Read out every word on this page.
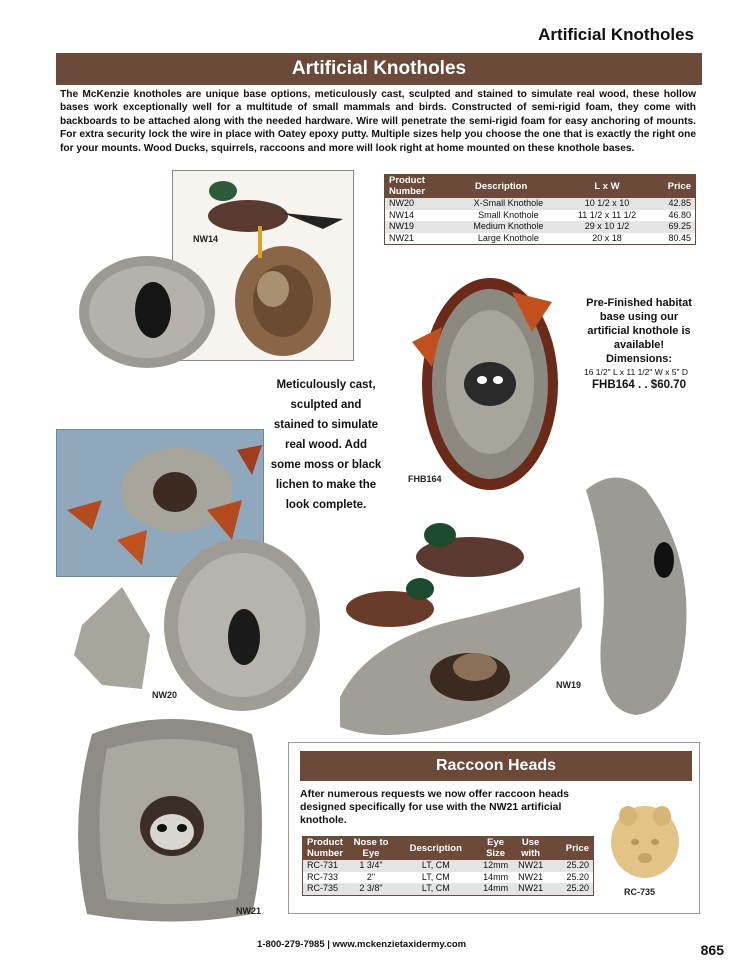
Artificial Knotholes
Artificial Knotholes
The McKenzie knotholes are unique base options, meticulously cast, sculpted and stained to simulate real wood, these hollow bases work exceptionally well for a multitude of small mammals and birds. Constructed of semi-rigid foam, they come with backboards to be attached along with the needed hardware. Wire will penetrate the semi-rigid foam for easy anchoring of mounts. For extra security lock the wire in place with Oatey epoxy putty. Multiple sizes help you choose the one that is exactly the right one for your mounts. Wood Ducks, squirrels, raccoons and more will look right at home mounted on these knothole bases.
NW14
Product Number	Description	L x W	Price
NW20	X-Small Knothole	10 1/2 x 10	42.85
NW14	Small Knothole	11 1/2 x 11 1/2	46.80
NW19	Medium Knothole	29 x 10 1/2	69.25
NW21	Large Knothole	20 x 18	80.45
FHB164
Pre-Finished habitat base using our artificial knothole is available!
Dimensions:
16 1/2" L x 11 1/2" W x 5" D
FHB164 . . $60.70
Meticulously cast, sculpted and stained to simulate real wood. Add some moss or black lichen to make the look complete.
NW20
NW19
NW21
Raccoon Heads
After numerous requests we now offer raccoon heads designed specifically for use with the NW21 artificial knothole.
Product Number	Nose to Eye	Description	Eye Size	Use with	Price
RC-731	1 3/4"	LT, CM	12mm	NW21	25.20
RC-733	2"	LT, CM	14mm	NW21	25.20
RC-735	2 3/8"	LT, CM	14mm	NW21	25.20	RC-735
1-800-279-7985 | www.mckenzietaxidermy.com	865
